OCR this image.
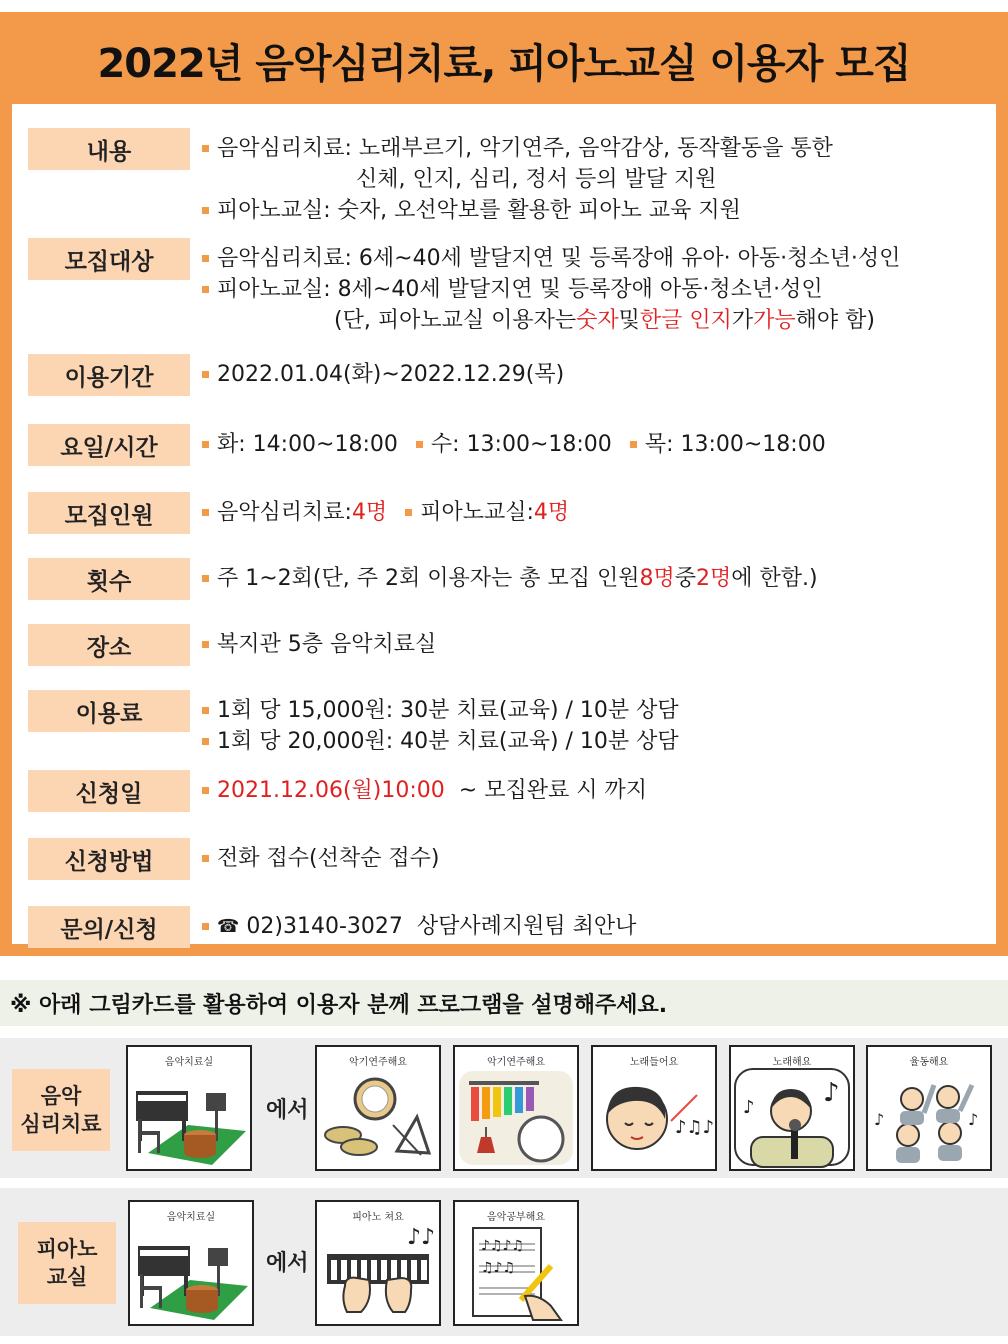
2022년 음악심리치료, 피아노교실 이용자 모집
내용	음악심리치료: 노래부르기, 악기연주, 음악감상, 동작활동을 통한
신체, 인지, 심리, 정서 등의 발달 지원
피아노교실: 숫자, 오선악보를 활용한 피아노 교육 지원
모집대상	음악심리치료: 6세~40세 발달지연 및 등록장애 유아· 아동·청소년·성인
피아노교실: 8세~40세 발달지연 및 등록장애 아동·청소년·성인
(단, 피아노교실 이용자는 숫자 및 한글 인지 가 가능 해야 함)
이용기간	2022.01.04(화)~2022.12.29(목)
요일/시간	화: 14:00~18:00 수: 13:00~18:00 목: 13:00~18:00
모집인원	음악심리치료: 4명 피아노교실: 4명
횟수	주 1~2회(단, 주 2회 이용자는 총 모집 인원 8명 중 2명 에 한함.)
장소	복지관 5층 음악치료실
이용료	1회 당 15,000원: 30분 치료(교육) / 10분 상담
1회 당 20,000원: 40분 치료(교육) / 10분 상담
신청일	2021.12.06(월)10:00 ~ 모집완료 시 까지
신청방법	전화 접수(선착순 접수)
문의/신청	☎ 02)3140-3027  상담사례지원팀 최안나
※ 아래 그림카드를 활용하여 이용자 분께 프로그램을 설명해주세요.
음악
심리치료
음악치료실
에서
악기연주해요	악기연주해요	노래들어요
♪♫♪
노래해요
♪
♪
율동해요
♪	♪
피아노
교실
음악치료실
에서
피아노 쳐요
♪♪
음악공부해요
♪♫♪♫
♫♪♫
